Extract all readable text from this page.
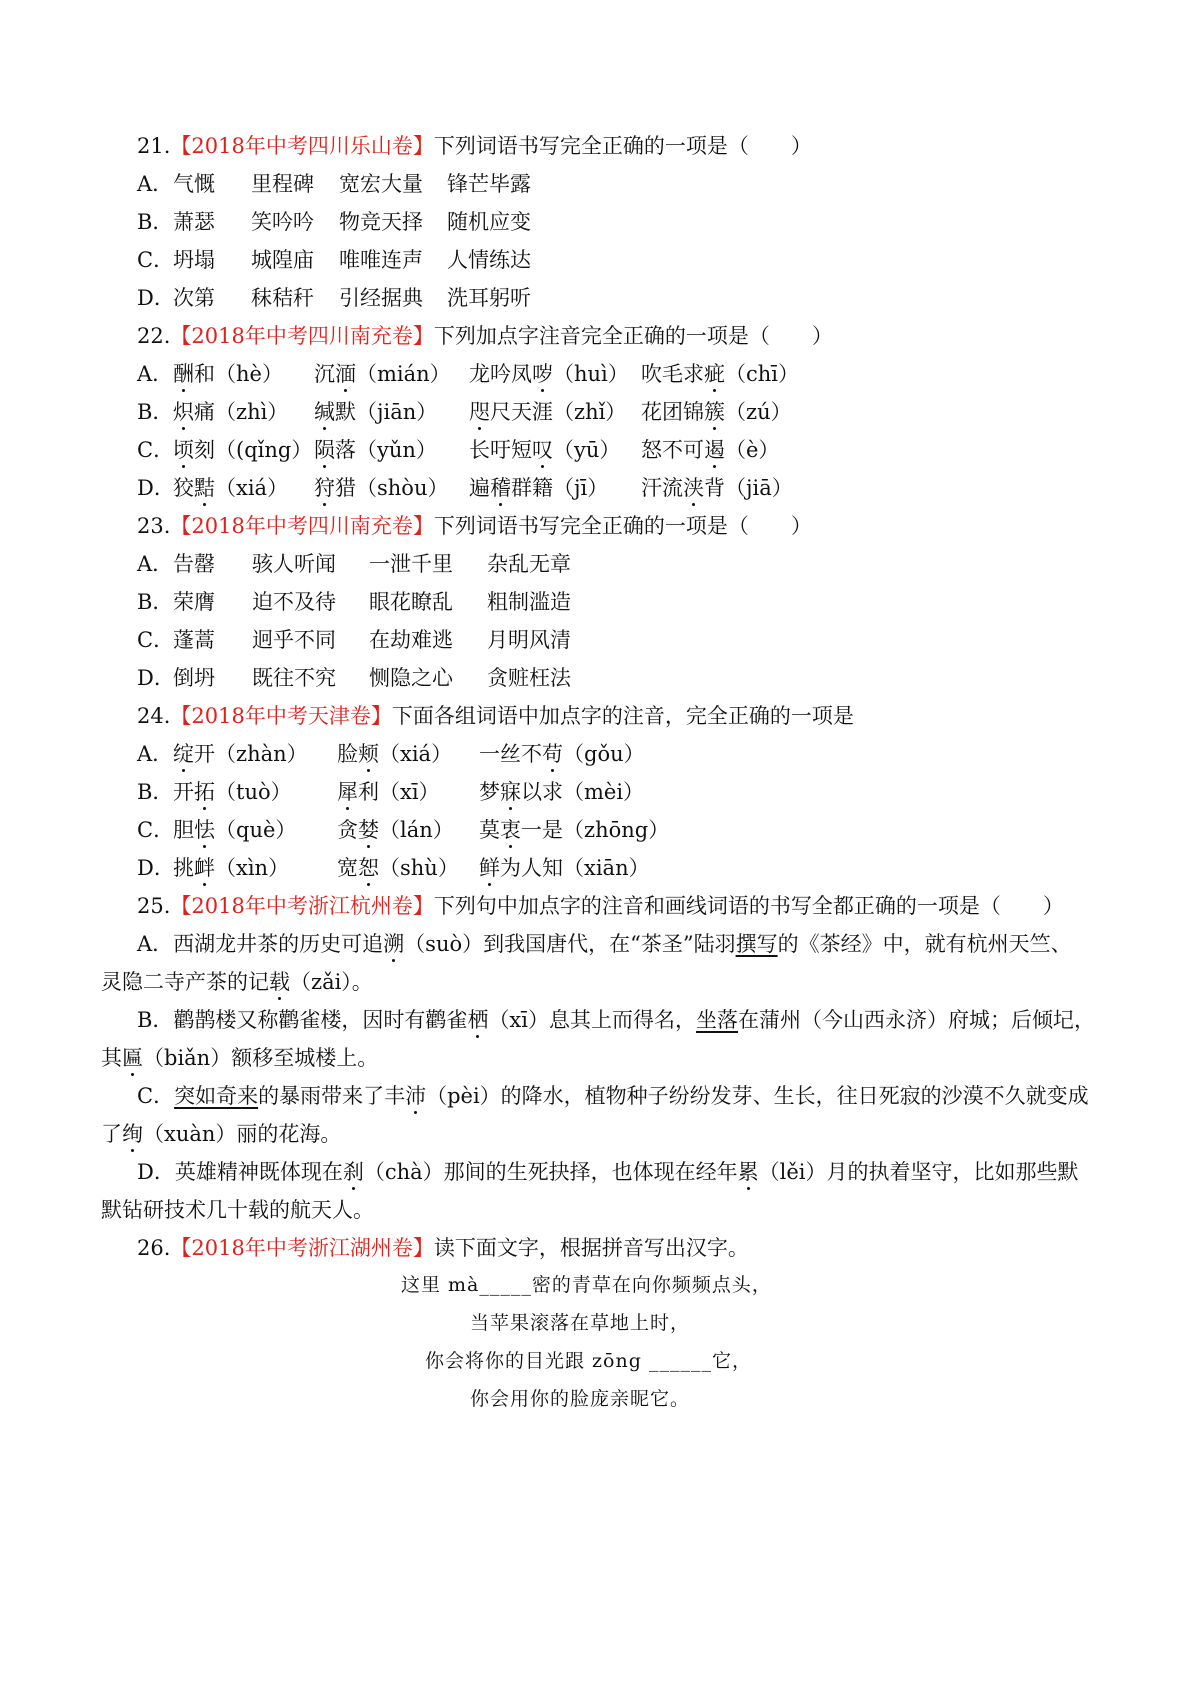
21.【2018年中考四川乐山卷】下列词语书写完全正确的一项是（　　）
A． 气慨 里程碑 宽宏大量 锋芒毕露
B． 萧瑟 笑吟吟 物竞天择 随机应变
C．
坍塌 城隍庙 唯唯连声 人情练达
D．
次第 秣秸秆 引经据典 洗耳躬听
22.【2018年中考四川南充卷】下列加点字注音完全正确的一项是（　　）
A． 酬和（hè） 沉湎（mián） 龙吟凤哕（huì） 吹毛求疵（chī）
B． 炽痛（zhì） 缄默（jiān） 咫尺天涯（zhǐ） 花团锦簇（zú）
C．
顷刻（(qǐng） 陨落（yǔn） 长吁短叹（yū） 怒不可遏（è）
D．
狡黠（xiá） 狩猎（shòu） 遍稽群籍（jī） 汗流浃背（jiā）
23.【2018年中考四川南充卷】下列词语书写完全正确的一项是（　　）
A． 告罄 骇人听闻 一泄千里 杂乱无章
B． 荣膺 迫不及待 眼花瞭乱 粗制滥造
C．
蓬蒿 迥乎不同 在劫难逃 月明风清
D．
倒坍 既往不究 恻隐之心 贪赃枉法
24.【2018年中考天津卷】下面各组词语中加点字的注音，完全正确的一项是
A． 绽开（zhàn） 脸颊（xiá） 一丝不苟（gǒu）
B． 开拓（tuò） 犀利（xī） 梦寐以求（mèi）
C．
胆怯（què） 贪婪（lán） 莫衷一是（zhōng）
D．
挑衅（xìn） 宽恕（shù） 鲜为人知（xiān）
25.【2018年中考浙江杭州卷】下列句中加点字的注音和画线词语的书写全都正确的一项是（　　）
A．西湖龙井茶的历史可追溯（suò）到我国唐代，在“茶圣”陆羽撰写的《茶经》中，就有杭州天竺、
灵隐二寺产茶的记载（zǎi）。
B．鹳鹊楼又称鹳雀楼，因时有鹳雀栖（xī）息其上而得名，坐落在蒲州（今山西永济）府城；后倾圮，
其匾（biǎn）额移至城楼上。
C．突如奇来的暴雨带来了丰沛（pèi）的降水，植物种子纷纷发芽、生长，往日死寂的沙漠不久就变成
了绚（xuàn）丽的花海。
D．英雄精神既体现在刹（chà）那间的生死抉择，也体现在经年累（lěi）月的执着坚守，比如那些默
默钻研技术几十载的航天人。
26.【2018年中考浙江湖州卷】读下面文字，根据拼音写出汉字。
这里 mà_____密的青草在向你频频点头，
当苹果滚落在草地上时，
你会将你的目光跟 zōng ______它，
你会用你的脸庞亲昵它。
